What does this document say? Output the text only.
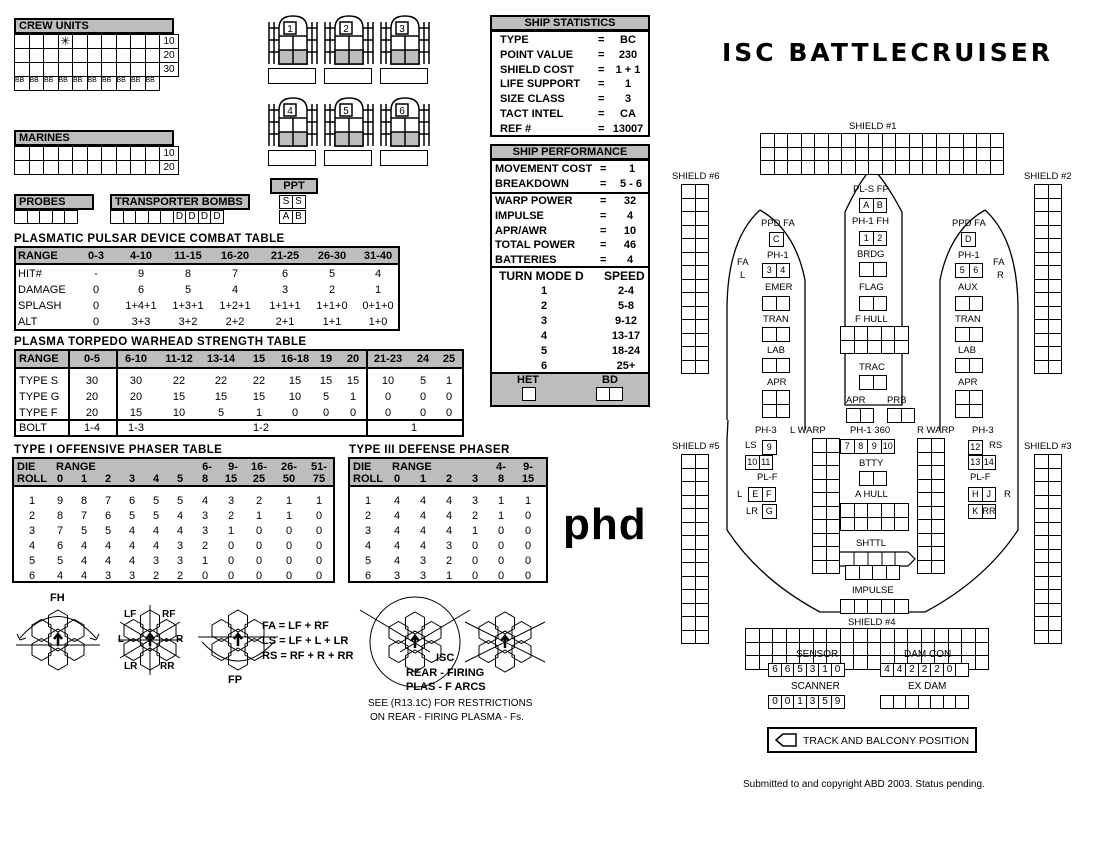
ISC BATTLECRUISER
CREW UNITS
✳	10
20
30
BB BB BB BB BB BB BB BB BB BB
MARINES
10
20
PROBES	TRANSPORTER BOMBS
D D D D
PPT
S S
A B
1	2	3
4	5	6
SHIP STATISTICS
TYPE	=	BC
POINT VALUE =	230
SHIELD COST =	1 + 1
LIFE SUPPORT =	1
SIZE CLASS	=	3
TACT INTEL	=	CA
REF #	= 13007
SHIP PERFORMANCE
MOVEMENT COST =	1
BREAKDOWN	=	5 - 6
WARP POWER	=	32
IMPULSE	=	4
APR/AWR	=	10
TOTAL POWER =	46
BATTERIES	=	4
TURN MODE D SPEED
1	2-4
2	5-8
3	9-12
4	13-17
5	18-24
6	25+
HET	BD
PLASMATIC PULSAR DEVICE COMBAT TABLE
RANGE	0-3	4-10	11-15	16-20	21-25	26-30	31-40
HIT#	-	9	8	7	6	5	4
DAMAGE	0	6	5	4	3	2	1
SPLASH	0	1+4+1	1+3+1	1+2+1	1+1+1	1+1+0	0+1+0
ALT	0	3+3	3+2	2+2	2+1	1+1	1+0
PLASMA TORPEDO WARHEAD STRENGTH TABLE
RANGE	0-5	6-10	11-12	13-14	15	16-18 19	20	21-23	24	25
TYPE S	30	30	22	22	22	15	15	15	10	5	1
TYPE G	20	20	15	15	15	10	5	1	0	0	0
TYPE F	20	15	10	5	1	0	0	0	0	0	0
BOLT	1-4	1-3	1-2	1
TYPE I OFFENSIVE PHASER TABLE
DIE RANGE	6-	9-	16-	26-	51-
ROLL 0	1	2	3	4	5	8	15	25	50	75
1	9	8	7	6	5	5	4	3	2	1	1
2	8	7	6	5	5	4	3	2	1	1	0
3	7	5	5	4	4	4	3	1	0	0	0
4	6	4	4	4	4	3	2	0	0	0	0
5	5	4	4	4	3	3	1	0	0	0	0
6	4	4	3	3	2	2	0	0	0	0	0
TYPE III DEFENSE PHASER
DIE RANGE	4-	9-
ROLL 0	1	2	3	8	15
1	4	4	4	3	1	1
2	4	4	4	2	1	0
3	4	4	4	1	0	0
4	4	4	3	0	0	0
5	4	3	2	0	0	0
6	3	3	1	0	0	0
phd
FH
FP
LF	RF
L	R
LR RR
FA = LF + RF
LS = LF + L + LR
RS = RF + R + RR	ISC
REAR - FIRING
PLAS - F ARCS
SEE (R13.1C) FOR RESTRICTIONS
ON REAR - FIRING PLASMA - Fs.
SHIELD #1
SHIELD #6	SHIELD #2
SHIELD #5	SHIELD #3
SHIELD #4
PL-S FP
A B
PH-1 FH
1 2
BRDG
FLAG
F HULL
TRAC
APR PRB
PH-1 360
7 8 9 10
BTTY
A HULL
SHTTL
IMPULSE
PPD FA
C
PPD FA
D
PH-1
3 4
PH-1
5 6
FA
L
FA
R
EMER	AUX
TRAN	TRAN
LAB	LAB
APR	APR
L WARP	R WARP
PH-3	PH-3
LS	9
10 11
RS
12
13 14
PL-F	PL-F
L	E F
LR G
H J	R
K RR
SENSOR
6 6 5 3 1 0
DAM CON
4 4 2 2 2 0
SCANNER
0 0 1 3 5 9
EX DAM
TRACK AND BALCONY POSITION
Submitted to and copyright ABD 2003. Status pending.
